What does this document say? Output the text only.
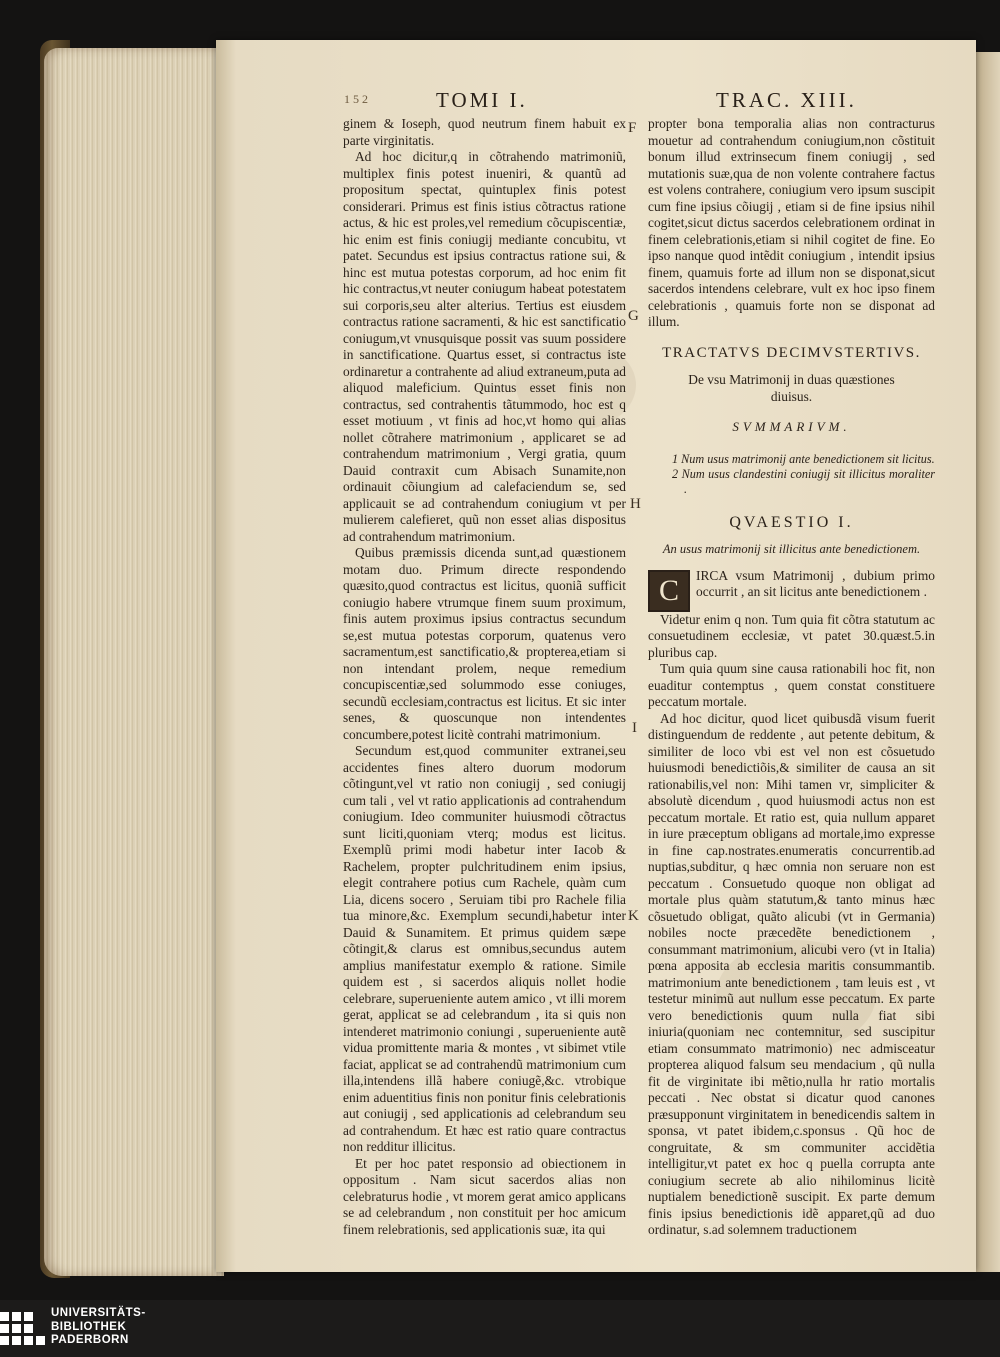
152	TOMI I.	TRAC. XIII.
F
G
H
I
K

ginem & Ioseph, quod neutrum finem habuit ex parte virginitatis.

Ad hoc dicitur,q in cõtrahendo matrimoniũ, multiplex finis potest inueniri, & quantũ ad propositum spectat, quintuplex finis potest considerari. Primus est finis istius cõtractus ratione actus, & hic est proles,vel remedium cõcupiscentiæ, hic enim est finis coniugij mediante concubitu, vt patet. Secundus est ipsius contractus ratione sui, & hinc est mutua potestas corporum, ad hoc enim fit hic contractus,vt neuter coniugum habeat potestatem sui corporis,seu alter alterius. Tertius est eiusdem contractus ratione sacramenti, & hic est sanctificatio coniugum,vt vnusquisque possit vas suum possidere in sanctificatione. Quartus esset, si contractus iste ordinaretur a contrahente ad aliud extraneum,puta ad aliquod maleficium. Quintus esset finis non contractus, sed contrahentis tãtummodo, hoc est q esset motiuum , vt finis ad hoc,vt homo qui alias nollet cõtrahere matrimonium , applicaret se ad contrahendum matrimonium , Vergi gratia, quum Dauid contraxit cum Abisach Sunamite,non ordinauit cõiungium ad calefaciendum se, sed applicauit se ad contrahendum coniugium vt per mulierem calefieret, quũ non esset alias dispositus ad contrahendum matrimonium.

Quibus præmissis dicenda sunt,ad quæstionem motam duo. Primum directe respondendo quæsito,quod contractus est licitus, quoniã sufficit coniugio habere vtrumque finem suum proximum, finis autem proximus ipsius contractus secundum se,est mutua potestas corporum, quatenus vero sacramentum,est sanctificatio,& propterea,etiam si non intendant prolem, neque remedium concupiscentiæ,sed solummodo esse coniuges, secundũ ecclesiam,contractus est licitus. Et sic inter senes, & quoscunque non intendentes concumbere,potest licitè contrahi matrimonium.

Secundum est,quod communiter extranei,seu accidentes fines altero duorum modorum cõtingunt,vel vt ratio non coniugij , sed coniugij cum tali , vel vt ratio applicationis ad contrahendum coniugium. Ideo communiter huiusmodi cõtractus sunt liciti,quoniam vterq; modus est licitus. Exemplũ primi modi habetur inter Iacob & Rachelem, propter pulchritudinem enim ipsius, elegit contrahere potius cum Rachele, quàm cum Lia, dicens socero , Seruiam tibi pro Rachele filia tua minore,&c. Exemplum secundi,habetur inter Dauid & Sunamitem. Et primus quidem sæpe cõtingit,& clarus est omnibus,secundus autem amplius manifestatur exemplo & ratione. Simile quidem est , si sacerdos aliquis nollet hodie celebrare, superueniente autem amico , vt illi morem gerat, applicat se ad celebrandum , ita si quis non intenderet matrimonio coniungi , superueniente autẽ vidua promittente maria & montes , vt sibimet vtile faciat, applicat se ad contrahendũ matrimonium cum illa,intendens illã habere coniugẽ,&c. vtrobique enim aduentitius finis non ponitur finis celebrationis aut coniugij , sed applicationis ad celebrandum seu ad contrahendum. Et hæc est ratio quare contractus non redditur illicitus.

Et per hoc patet responsio ad obiectionem in oppositum . Nam sicut sacerdos alias non celebraturus hodie , vt morem gerat amico applicans se ad celebrandum , non constituit per hoc amicum finem relebrationis, sed applicationis suæ, ita qui

propter bona temporalia alias non contracturus mouetur ad contrahendum coniugium,non cõstituit bonum illud extrinsecum finem coniugij , sed mutationis suæ,qua de non volente contrahere factus est volens contrahere, coniugium vero ipsum suscipit cum fine ipsius cõiugij , etiam si de fine ipsius nihil cogitet,sicut dictus sacerdos celebrationem ordinat in finem celebrationis,etiam si nihil cogitet de fine. Eo ipso nanque quod intẽdit coniugium , intendit ipsius finem, quamuis forte ad illum non se disponat,sicut sacerdos intendens celebrare, vult ex hoc ipso finem celebrationis , quamuis forte non se disponat ad illum.

TRACTATVS DECIMVSTERTIVS.
De vsu Matrimonij in duas quæstiones diuisus.
SVMMARIVM.
1 Num usus matrimonij ante benedictionem sit licitus.
2 Num usus clandestini coniugij sit illicitus moraliter .
QVAESTIO I.
An usus matrimonij sit illicitus ante benedictionem.
C	IRCA vsum Matrimonij , dubium primo occurrit , an sit licitus ante benedictionem .

Videtur enim q non. Tum quia fit cõtra statutum ac consuetudinem ecclesiæ, vt patet 30.quæst.5.in pluribus cap.

Tum quia quum sine causa rationabili hoc fit, non euaditur contemptus , quem constat constituere peccatum mortale.

Ad hoc dicitur, quod licet quibusdã visum fuerit distinguendum de reddente , aut petente debitum, & similiter de loco vbi est vel non est cõsuetudo huiusmodi benedictiõis,& similiter de causa an sit rationabilis,vel non: Mihi tamen vr, simpliciter & absolutè dicendum , quod huiusmodi actus non est peccatum mortale. Et ratio est, quia nullum apparet in iure præceptum obligans ad mortale,imo expresse in fine cap.nostrates.enumeratis concurrentib.ad nuptias,subditur, q hæc omnia non seruare non est peccatum . Consuetudo quoque non obligat ad mortale plus quàm statutum,& tanto minus hæc cõsuetudo obligat, quãto alicubi (vt in Germania) nobiles nocte præcedẽte benedictionem , consummant matrimonium, alicubi vero (vt in Italia) pœna apposita ab ecclesia maritis consummantib. matrimonium ante benedictionem , tam leuis est , vt testetur minimũ aut nullum esse peccatum. Ex parte vero benedictionis quum nulla fiat sibi iniuria(quoniam nec contemnitur, sed suscipitur etiam consummato matrimonio) nec admisceatur propterea aliquod falsum seu mendacium , qũ nulla fit de virginitate ibi mẽtio,nulla hr ratio mortalis peccati . Nec obstat si dicatur quod canones præsupponunt virginitatem in benedicendis saltem in sponsa, vt patet ibidem,c.sponsus . Qũ hoc de congruitate, & sm communiter accidẽtia intelligitur,vt patet ex hoc q puella corrupta ante coniugium secrete ab alio nihilominus licitè nuptialem benedictionẽ suscipit. Ex parte demum finis ipsius benedictionis idẽ apparet,qũ ad duo ordinatur, s.ad solemnem traductionem

UNIVERSITÄTS-
BIBLIOTHEK
PADERBORN
